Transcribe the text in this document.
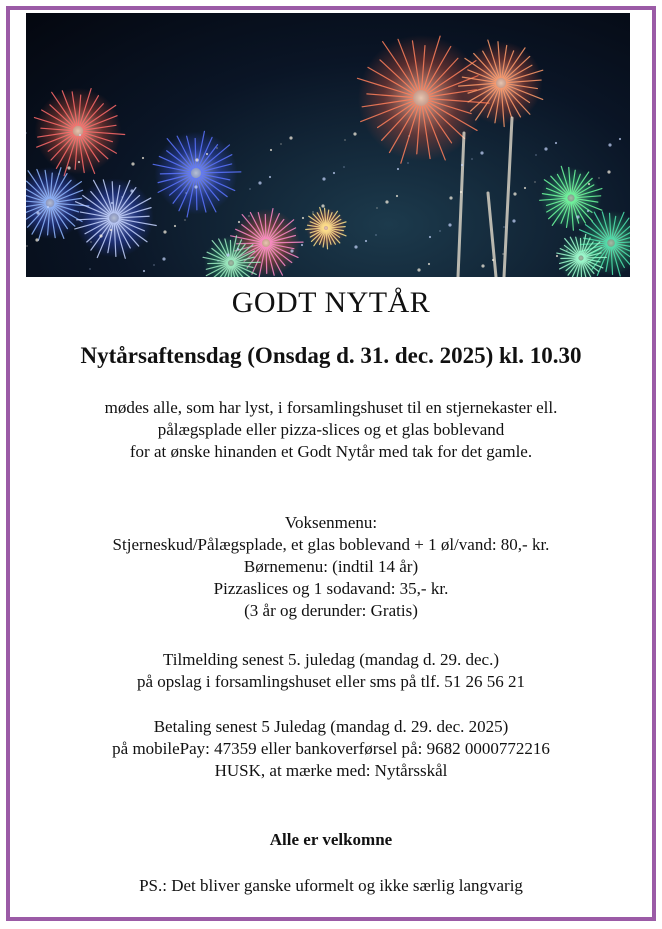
GODT NYTÅR
Nytårsaftensdag (Onsdag d. 31. dec. 2025) kl. 10.30
mødes alle, som har lyst, i forsamlingshuset til en stjernekaster ell.
pålægsplade eller pizza-slices og et glas boblevand
for at ønske hinanden et Godt Nytår med tak for det gamle.
Voksenmenu:
Stjerneskud/Pålægsplade, et glas boblevand + 1 øl/vand: 80,- kr.
Børnemenu: (indtil 14 år)
Pizzaslices og 1 sodavand: 35,- kr.
(3 år og derunder: Gratis)
Tilmelding senest 5. juledag (mandag d. 29. dec.)
på opslag i forsamlingshuset eller sms på tlf. 51 26 56 21
Betaling senest 5 Juledag (mandag d. 29. dec. 2025)
på mobilePay: 47359 eller bankoverførsel på: 9682 0000772216
HUSK, at mærke med: Nytårsskål
Alle er velkomne
PS.: Det bliver ganske uformelt og ikke særlig langvarig
